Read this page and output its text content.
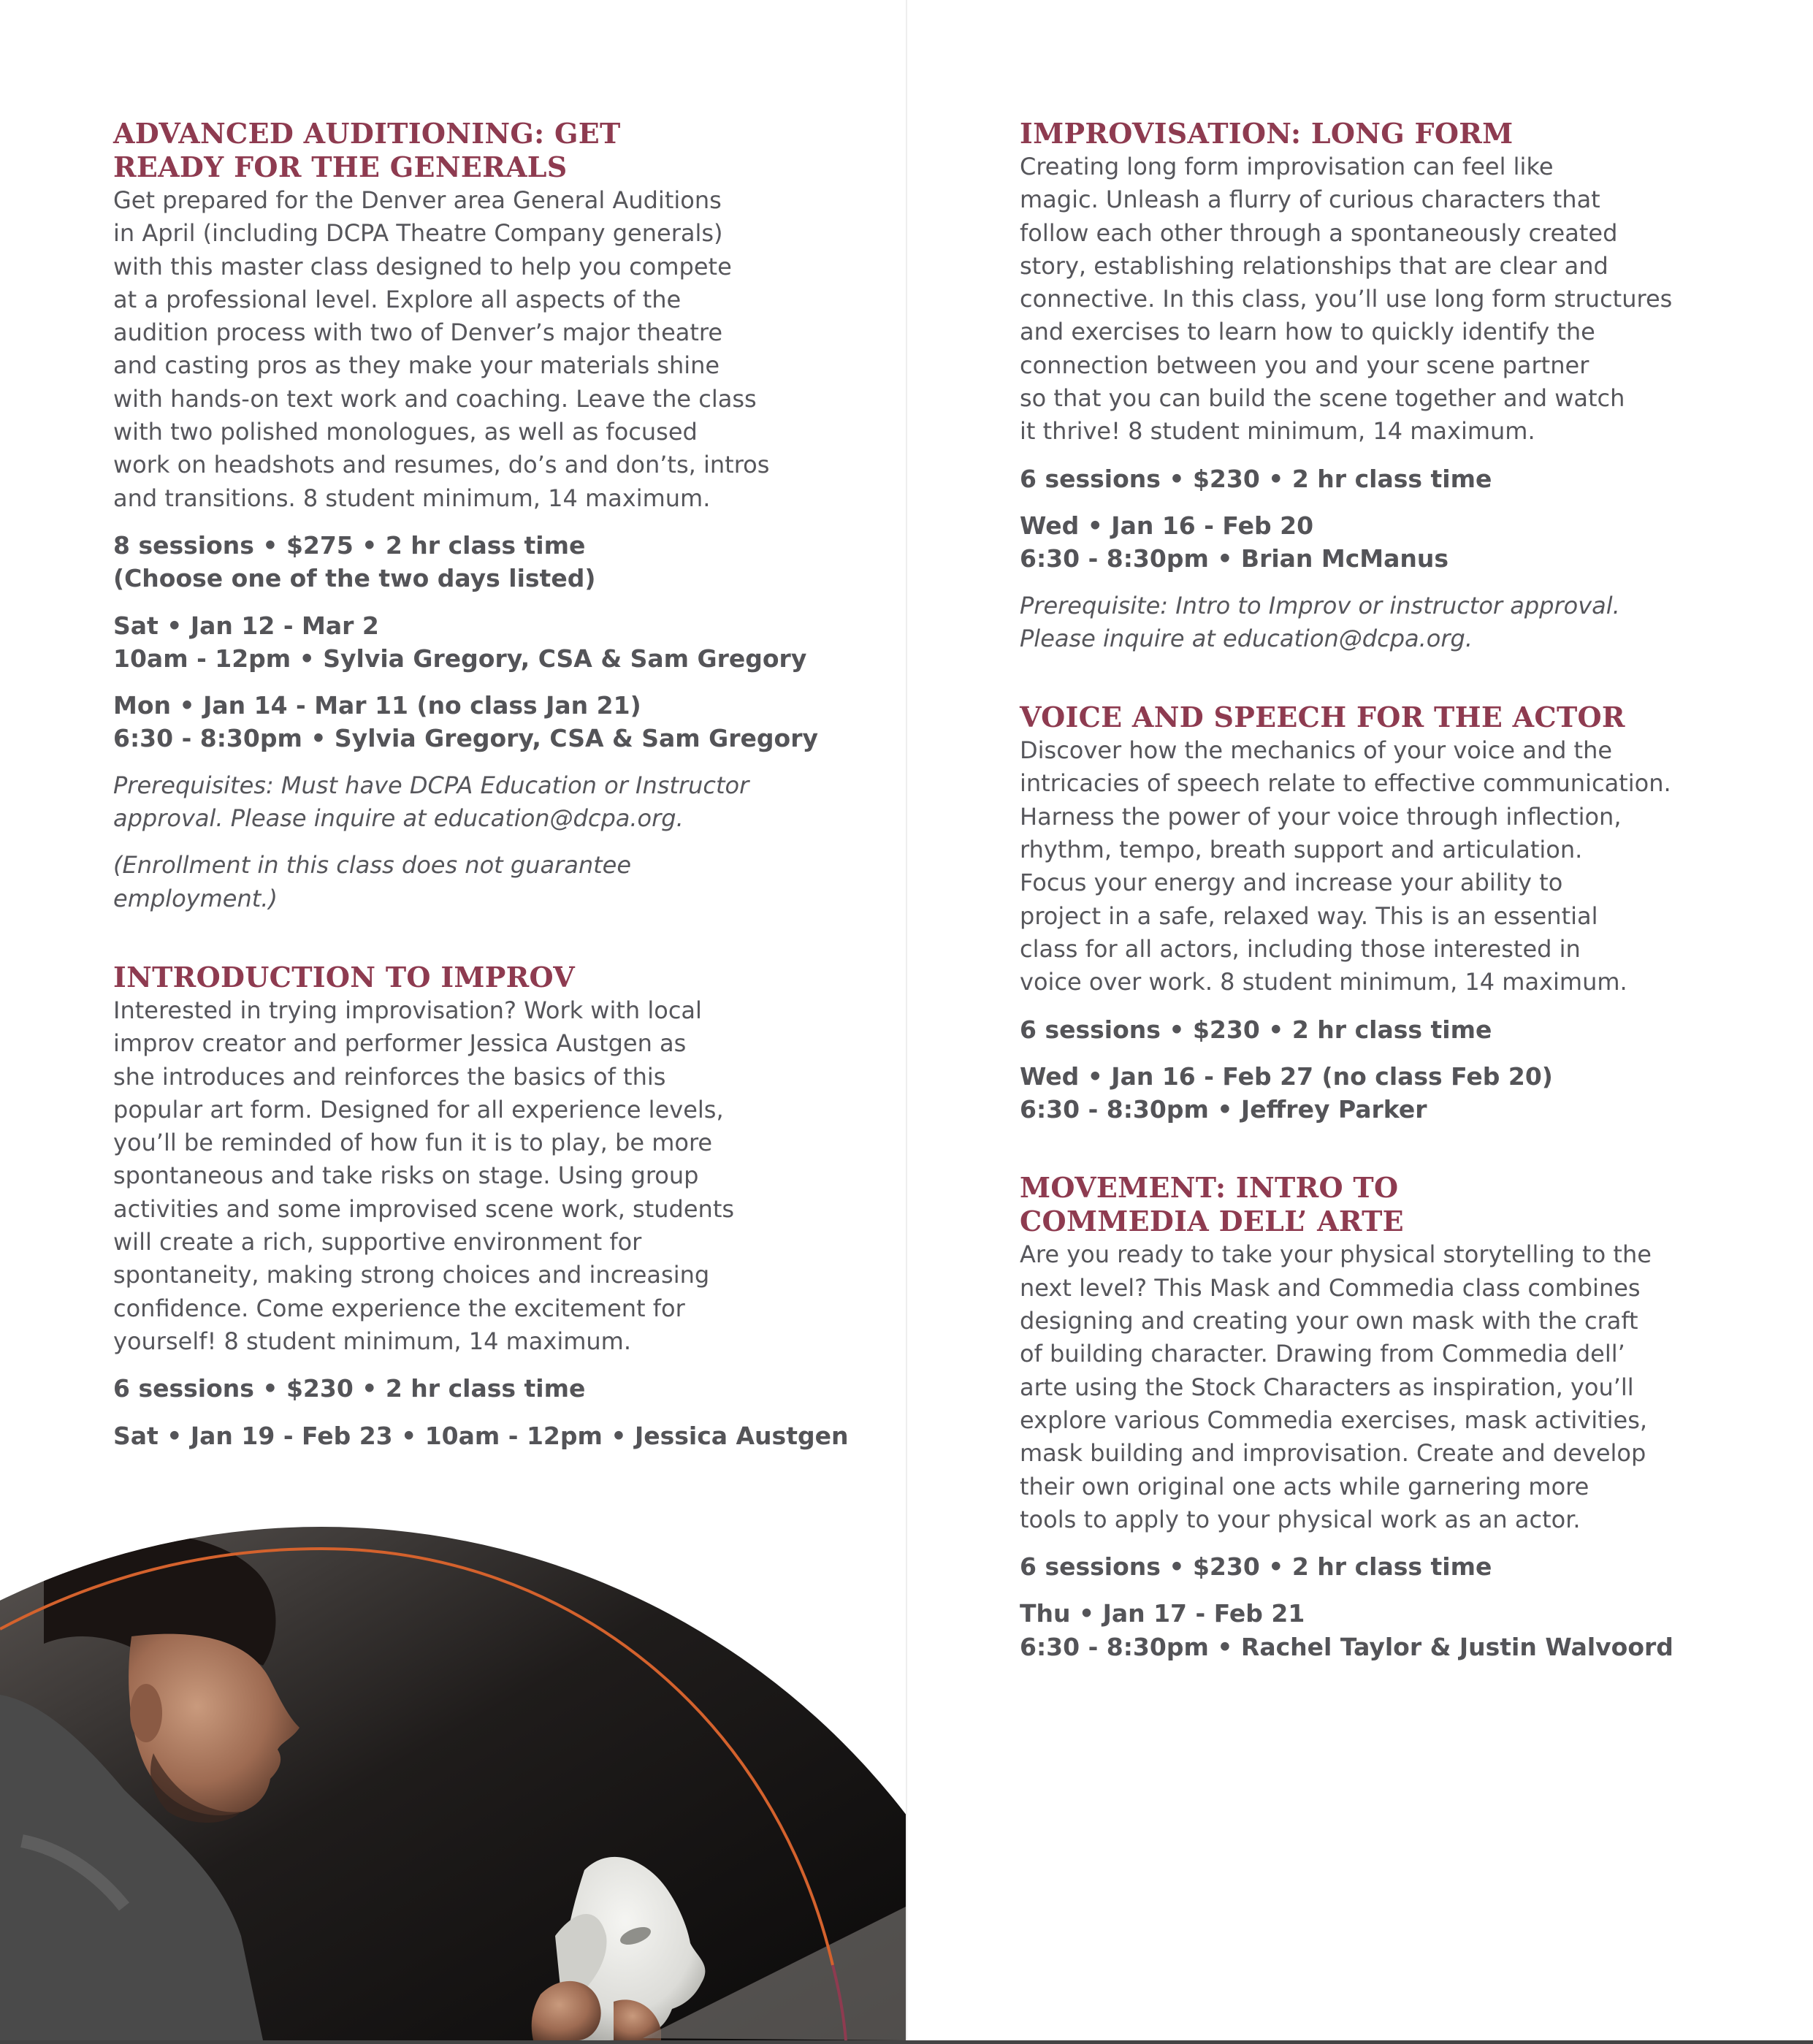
ADVANCED AUDITIONING: GET
READY FOR THE GENERALS

Get prepared for the Denver area General Auditions
in April (including DCPA Theatre Company generals)
with this master class designed to help you compete
at a professional level. Explore all aspects of the
audition process with two of Denver’s major theatre
and casting pros as they make your materials shine
with hands-on text work and coaching. Leave the class
with two polished monologues, as well as focused
work on headshots and resumes, do’s and don’ts, intros
and transitions. 8 student minimum, 14 maximum.

8 sessions • $275 • 2 hr class time
(Choose one of the two days listed)

Sat • Jan 12 - Mar 2
10am - 12pm • Sylvia Gregory, CSA & Sam Gregory

Mon • Jan 14 - Mar 11 (no class Jan 21)
6:30 - 8:30pm • Sylvia Gregory, CSA & Sam Gregory

Prerequisites: Must have DCPA Education or Instructor
approval. Please inquire at education@dcpa.org.

(Enrollment in this class does not guarantee
employment.)

INTRODUCTION TO IMPROV

Interested in trying improvisation? Work with local
improv creator and performer Jessica Austgen as
she introduces and reinforces the basics of this
popular art form. Designed for all experience levels,
you’ll be reminded of how fun it is to play, be more
spontaneous and take risks on stage. Using group
activities and some improvised scene work, students
will create a rich, supportive environment for
spontaneity, making strong choices and increasing
confidence. Come experience the excitement for
yourself! 8 student minimum, 14 maximum.

6 sessions • $230 • 2 hr class time

Sat • Jan 19 - Feb 23 • 10am - 12pm • Jessica Austgen

IMPROVISATION: LONG FORM

Creating long form improvisation can feel like
magic. Unleash a flurry of curious characters that
follow each other through a spontaneously created
story, establishing relationships that are clear and
connective. In this class, you’ll use long form structures
and exercises to learn how to quickly identify the
connection between you and your scene partner
so that you can build the scene together and watch
it thrive! 8 student minimum, 14 maximum.

6 sessions • $230 • 2 hr class time

Wed • Jan 16 - Feb 20
6:30 - 8:30pm • Brian McManus

Prerequisite: Intro to Improv or instructor approval.
Please inquire at education@dcpa.org.

VOICE AND SPEECH FOR THE ACTOR

Discover how the mechanics of your voice and the
intricacies of speech relate to effective communication.
Harness the power of your voice through inflection,
rhythm, tempo, breath support and articulation.
Focus your energy and increase your ability to
project in a safe, relaxed way. This is an essential
class for all actors, including those interested in
voice over work. 8 student minimum, 14 maximum.

6 sessions • $230 • 2 hr class time

Wed • Jan 16 - Feb 27 (no class Feb 20)
6:30 - 8:30pm • Jeffrey Parker

MOVEMENT: INTRO TO
COMMEDIA DELL’ ARTE

Are you ready to take your physical storytelling to the
next level? This Mask and Commedia class combines
designing and creating your own mask with the craft
of building character. Drawing from Commedia dell’
arte using the Stock Characters as inspiration, you’ll
explore various Commedia exercises, mask activities,
mask building and improvisation. Create and develop
their own original one acts while garnering more
tools to apply to your physical work as an actor.

6 sessions • $230 • 2 hr class time

Thu • Jan 17 - Feb 21
6:30 - 8:30pm • Rachel Taylor & Justin Walvoord
